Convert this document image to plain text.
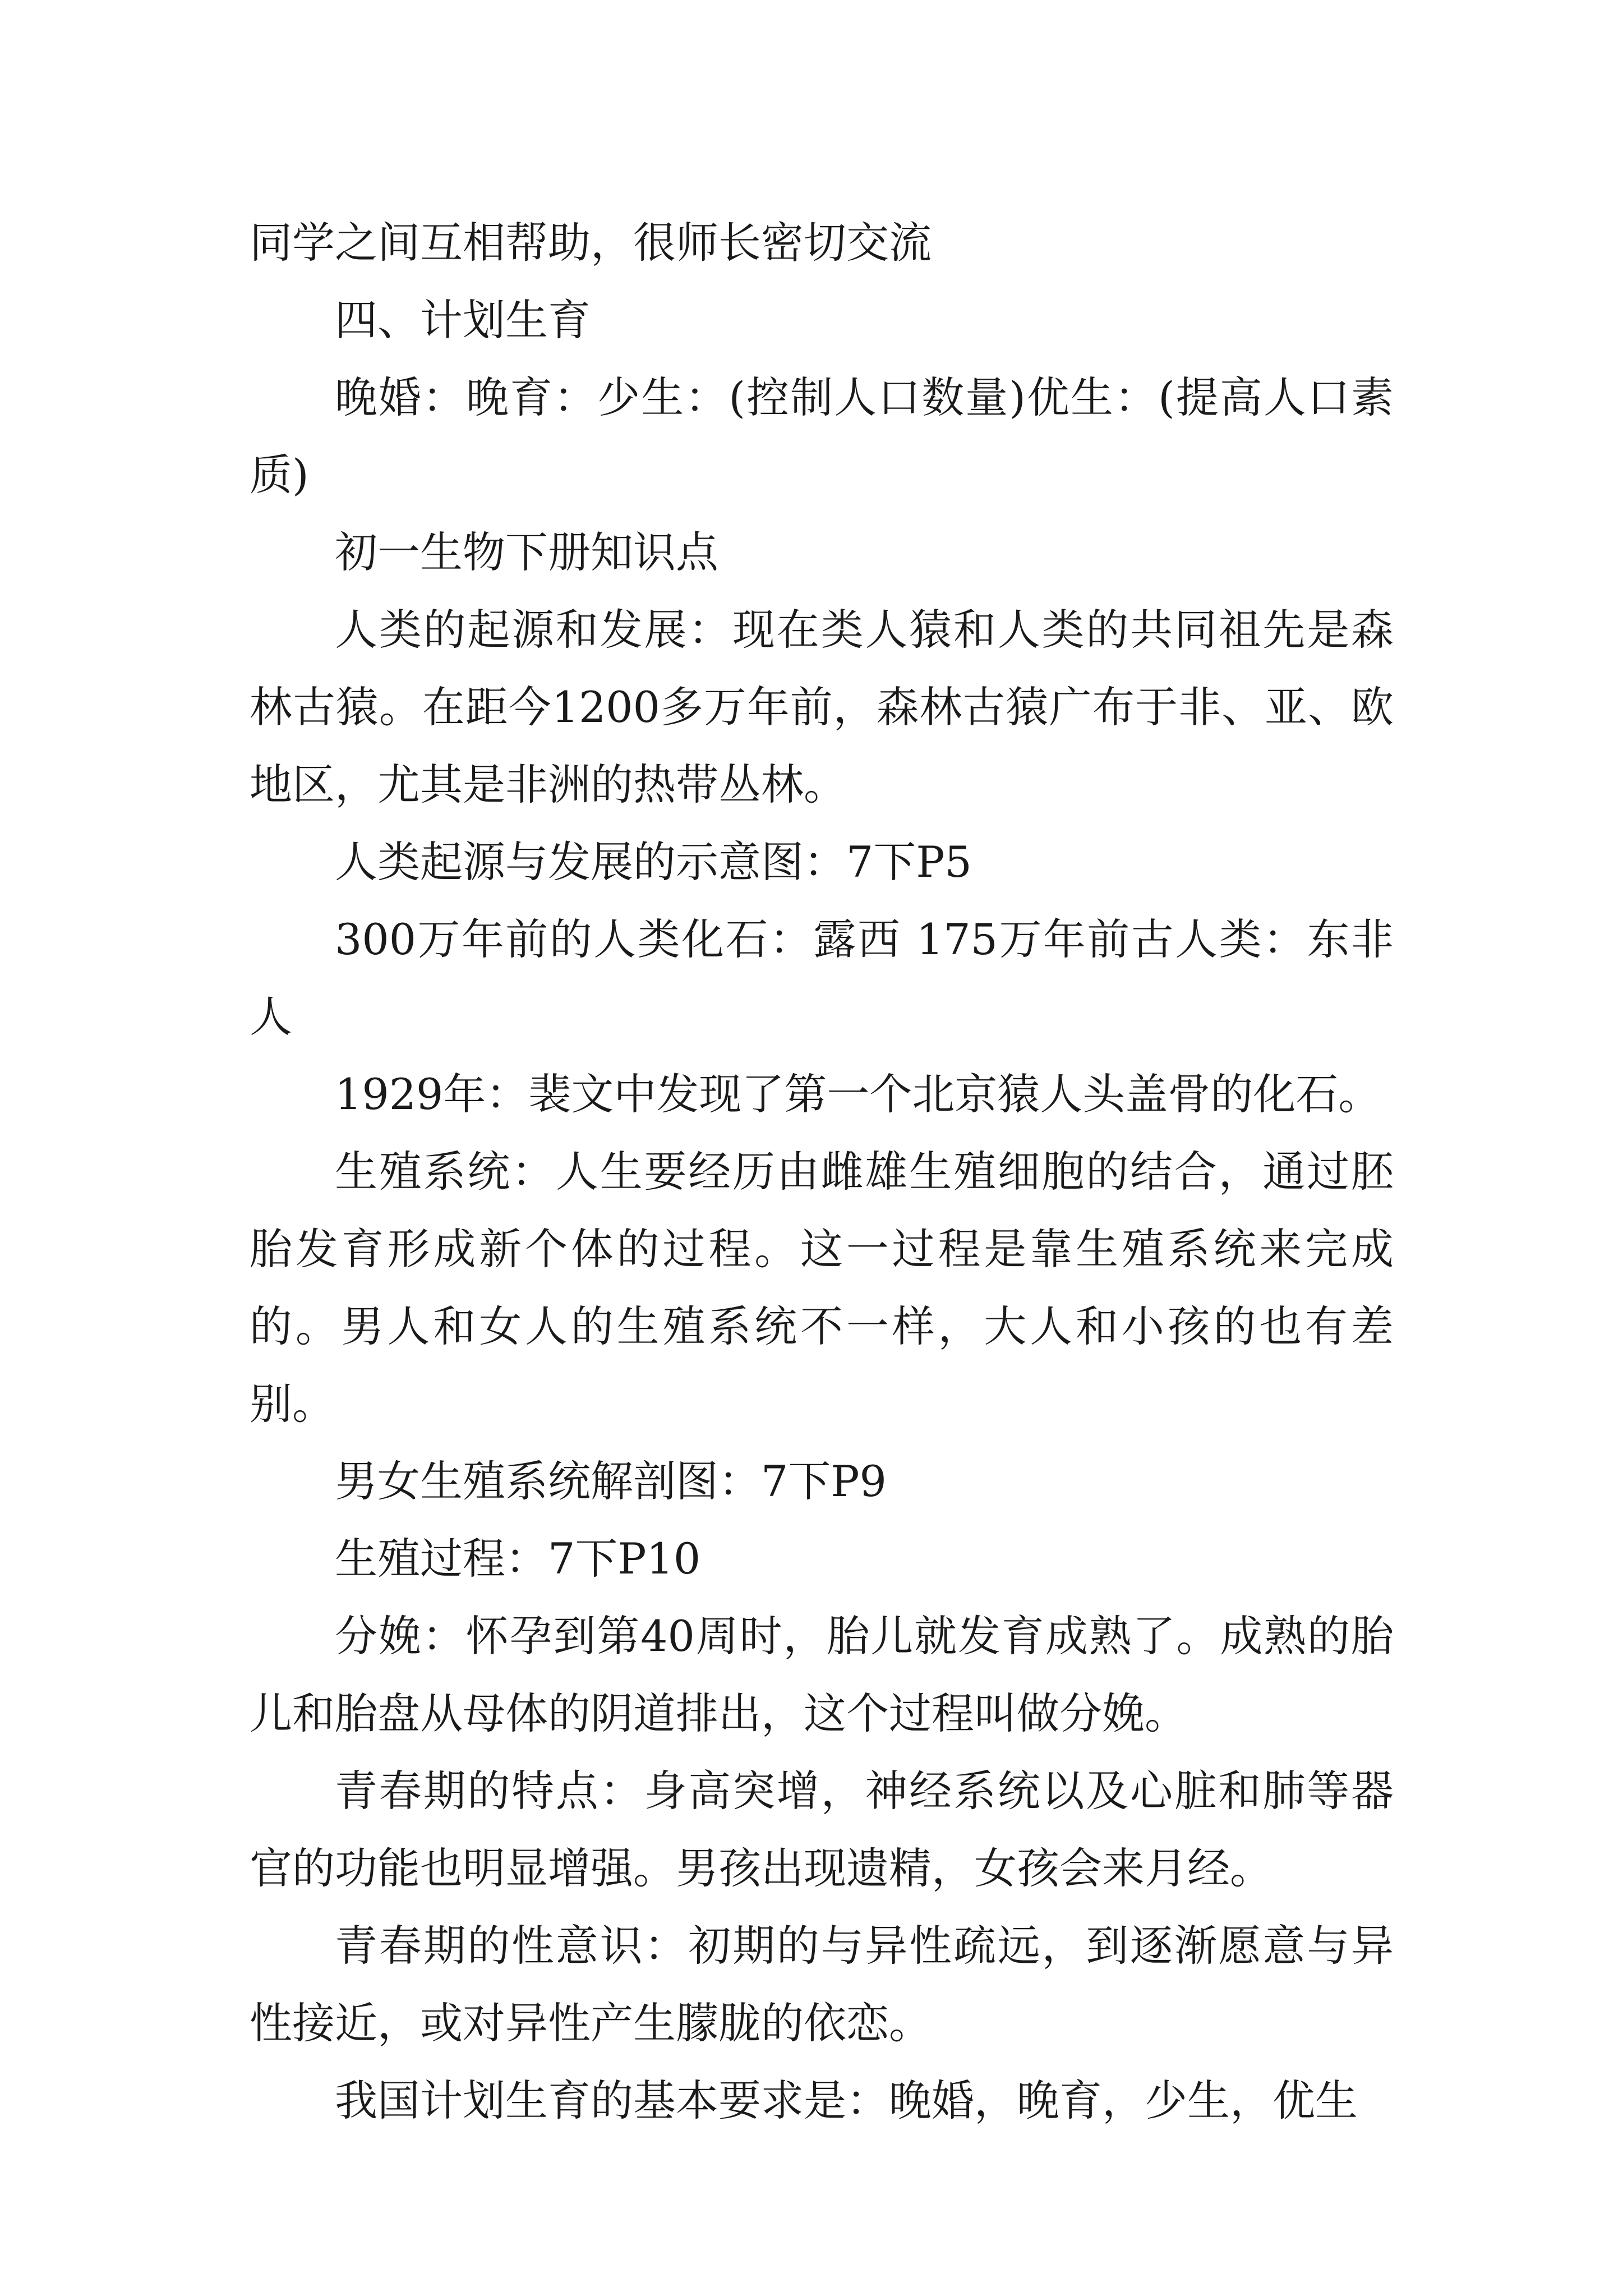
同学之间互相帮助，很师长密切交流

四、计划生育

晚婚：晚育：少生：(控制人口数量)优生：(提高人口素质)

初一生物下册知识点

人类的起源和发展：现在类人猿和人类的共同祖先是森林古猿。在距今1200多万年前，森林古猿广布于非、亚、欧地区，尤其是非洲的热带丛林。

人类起源与发展的示意图：7下P5

300万年前的人类化石：露西 175万年前古人类：东非人

1929年：裴文中发现了第一个北京猿人头盖骨的化石。

生殖系统：人生要经历由雌雄生殖细胞的结合，通过胚胎发育形成新个体的过程。这一过程是靠生殖系统来完成的。男人和女人的生殖系统不一样，大人和小孩的也有差别。

男女生殖系统解剖图：7下P9

生殖过程：7下P10

分娩：怀孕到第40周时，胎儿就发育成熟了。成熟的胎儿和胎盘从母体的阴道排出，这个过程叫做分娩。

青春期的特点：身高突增，神经系统以及心脏和肺等器官的功能也明显增强。男孩出现遗精，女孩会来月经。

青春期的性意识：初期的与异性疏远，到逐渐愿意与异性接近，或对异性产生朦胧的依恋。

我国计划生育的基本要求是：晚婚，晚育，少生，优生
